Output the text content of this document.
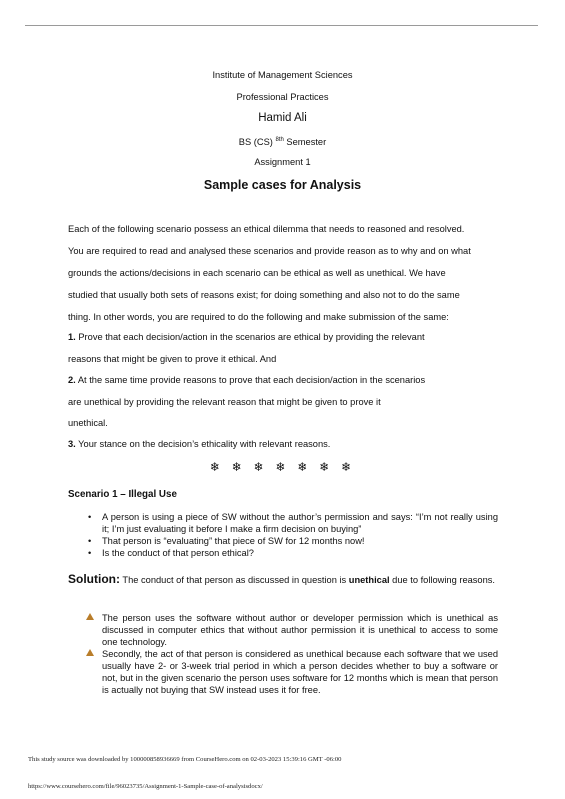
Institute of Management Sciences
Professional Practices
Hamid Ali
BS (CS) $^{8th}$ Semester
Assignment 1
Sample cases for Analysis
Each of the following scenario possess an ethical dilemma that needs to reasoned and resolved.
You are required to read and analysed these scenarios and provide reason as to why and on what
grounds the actions/decisions in each scenario can be ethical as well as unethical. We have
studied that usually both sets of reasons exist; for doing something and also not to do the same
thing. In other words, you are required to do the following and make submission of the same:
1. Prove that each decision/action in the scenarios are ethical by providing the relevant
reasons that might be given to prove it ethical. And
2. At the same time provide reasons to prove that each decision/action in the scenarios
are unethical by providing the relevant reason that might be given to prove it
unethical.
3. Your stance on the decision’s ethicality with relevant reasons.
❄ ❄ ❄ ❄ ❄ ❄ ❄
Scenario 1 – Illegal Use
• A person is using a piece of SW without the author’s permission and says: “I’m not really using it; I’m just evaluating it before I make a firm decision on buying”
• That person is “evaluating” that piece of SW for 12 months now!
• Is the conduct of that person ethical?
Solution: The conduct of that person as discussed in question is unethical due to following reasons.
The person uses the software without author or developer permission which is unethical as discussed in computer ethics that without author permission it is unethical to access to some one technology.
Secondly, the act of that person is considered as unethical because each software that we used usually have 2- or 3-week trial period in which a person decides whether to buy a software or not, but in the given scenario the person uses software for 12 months which is mean that person is actually not buying that SW instead uses it for free.
This study source was downloaded by 100000858936669 from CourseHero.com on 02-03-2023 15:39:16 GMT -06:00
https://www.coursehero.com/file/96023735/Assignment-1-Sample-case-of-analysisdocx/
